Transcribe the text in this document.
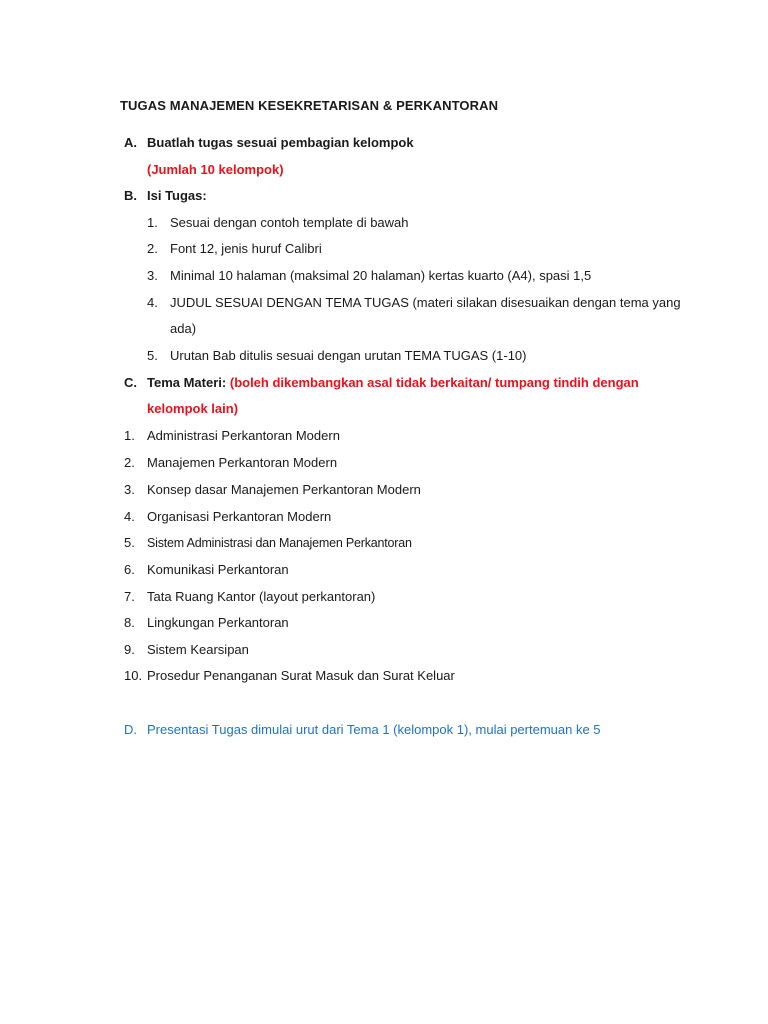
TUGAS MANAJEMEN KESEKRETARISAN & PERKANTORAN
A. Buatlah tugas sesuai pembagian kelompok
(Jumlah 10 kelompok)
B. Isi Tugas:
1. Sesuai dengan contoh template di bawah
2. Font 12, jenis huruf Calibri
3. Minimal 10 halaman (maksimal 20 halaman) kertas kuarto (A4), spasi 1,5
4. JUDUL SESUAI DENGAN TEMA TUGAS (materi silakan disesuaikan dengan tema yang
ada)
5. Urutan Bab ditulis sesuai dengan urutan TEMA TUGAS (1-10)
C. Tema Materi: (boleh dikembangkan asal tidak berkaitan/ tumpang tindih dengan
kelompok lain)
1. Administrasi Perkantoran Modern
2. Manajemen Perkantoran Modern
3. Konsep dasar Manajemen Perkantoran Modern
4. Organisasi Perkantoran Modern
5. Sistem Administrasi dan Manajemen Perkantoran
6. Komunikasi Perkantoran
7. Tata Ruang Kantor (layout perkantoran)
8. Lingkungan Perkantoran
9. Sistem Kearsipan
10. Prosedur Penanganan Surat Masuk dan Surat Keluar
D. Presentasi Tugas dimulai urut dari Tema 1 (kelompok 1), mulai pertemuan ke 5
